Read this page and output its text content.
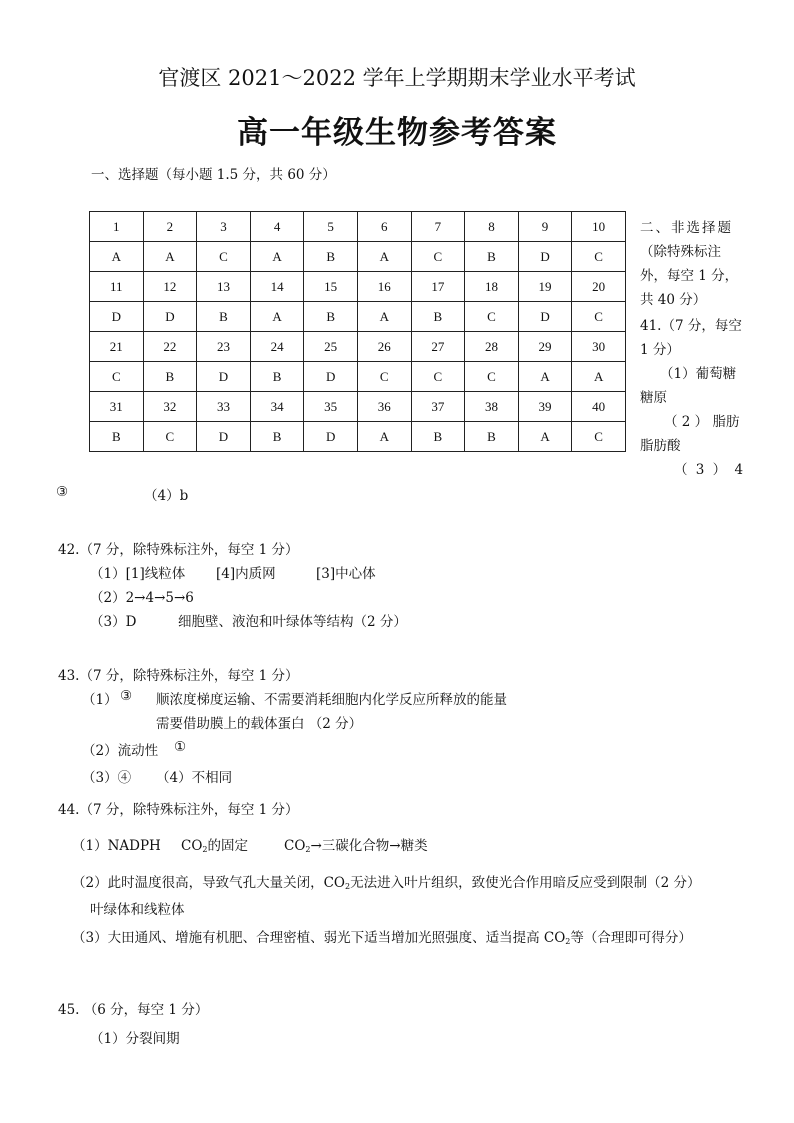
官渡区 2021～2022 学年上学期期末学业水平考试
高一年级生物参考答案
一、选择题（每小题 1.5 分，共 60 分）
1	2	3	4	5	6	7	8	9	10
A	A	C	A	B	A	C	B	D	C
11	12	13	14	15	16	17	18	19	20
D	D	B	A	B	A	B	C	D	C
21	22	23	24	25	26	27	28	29	30
C	B	D	B	D	C	C	C	A	A
31	32	33	34	35	36	37	38	39	40
B	C	D	B	D	A	B	B	A	C
二、非选择题
（除特殊标注
外，每空 1 分，
共 40 分）
41.（7 分，每空
1 分）
（1）葡萄糖
糖原
（ 2 ） 脂肪
脂肪酸
（ 3 ） 4
③	（4）b
42.（7 分，除特殊标注外，每空 1 分）
（1）[1]线粒体 [4]内质网	[3]中心体
（2）2→4→5→6
（3）D	细胞壁、液泡和叶绿体等结构（2 分）
43.（7 分，除特殊标注外，每空 1 分）
（1） ③ 顺浓度梯度运输、不需要消耗细胞内化学反应所释放的能量
需要借助膜上的载体蛋白 （2 分）
（2）流动性 ①
（3）④ （4）不相同
44.（7 分，除特殊标注外，每空 1 分）
（1）NADPH $CO_2$的固定	$CO_2\to$三碳化合物→糖类
（2）此时温度很高，导致气孔大量关闭，$CO_2$无法进入叶片组织，致使光合作用暗反应受到限制（2 分）
叶绿体和线粒体
（3）大田通风、增施有机肥、合理密植、弱光下适当增加光照强度、适当提高 $CO_2$等（合理即可得分）
45. （6 分，每空 1 分）
（1）分裂间期
